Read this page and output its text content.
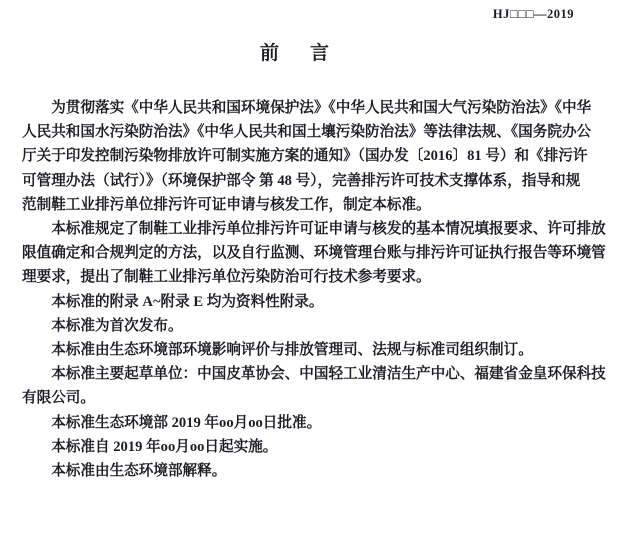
HJ□□□—2019
前　言
为贯彻落实《中华人民共和国环境保护法》《中华人民共和国大气污染防治法》《中华
人民共和国水污染防治法》《中华人民共和国土壤污染防治法》等法律法规、《国务院办公
厅关于印发控制污染物排放许可制实施方案的通知》（国办发〔2016〕81 号）和《排污许
可管理办法（试行）》（环境保护部令 第 48 号），完善排污许可技术支撑体系，指导和规
范制鞋工业排污单位排污许可证申请与核发工作，制定本标准。
本标准规定了制鞋工业排污单位排污许可证申请与核发的基本情况填报要求、许可排放
限值确定和合规判定的方法，以及自行监测、环境管理台账与排污许可证执行报告等环境管
理要求，提出了制鞋工业排污单位污染防治可行技术参考要求。
本标准的附录 A~附录 E 均为资料性附录。
本标准为首次发布。
本标准由生态环境部环境影响评价与排放管理司、法规与标准司组织制订。
本标准主要起草单位：中国皮革协会、中国轻工业清洁生产中心、福建省金皇环保科技
有限公司。
本标准生态环境部 2019 年oo月oo日批准。
本标准自 2019 年oo月oo日起实施。
本标准由生态环境部解释。
